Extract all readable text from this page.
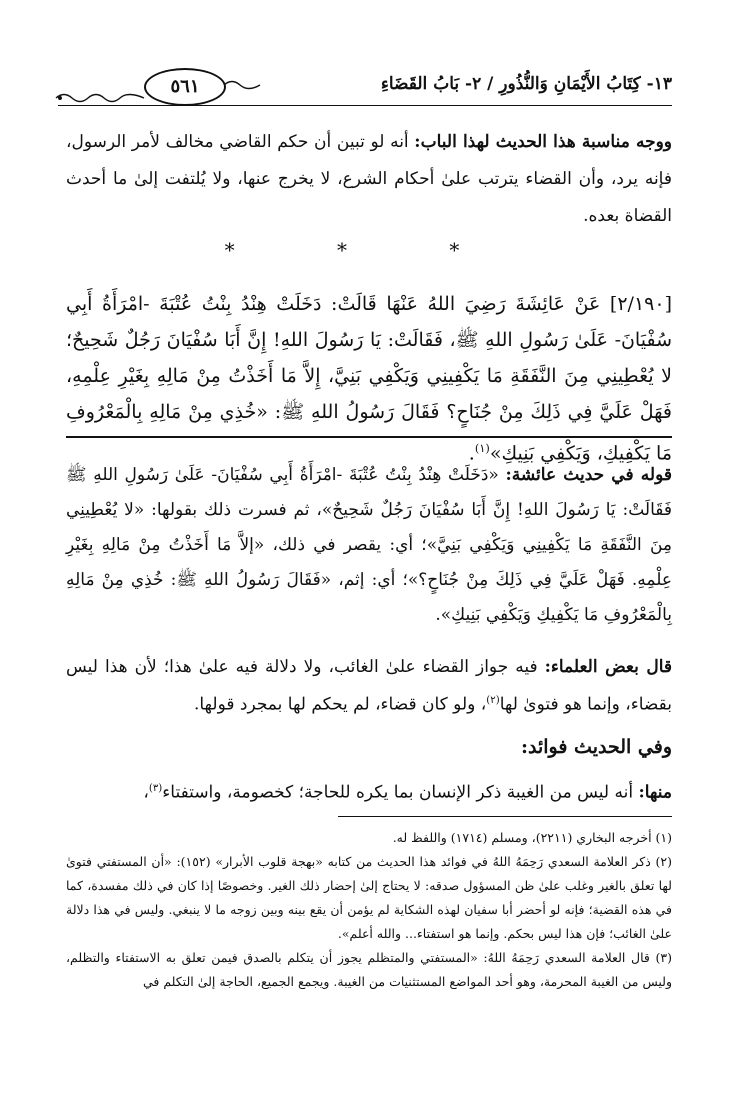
٥٦١	١٣- كِتَابُ الأَيْمَانِ وَالنُّذُورِ / ٢- بَابُ القَضَاءِ
ووجه مناسبة هذا الحديث لهذا الباب: أنه لو تبين أن حكم القاضي مخالف لأمر الرسول، فإنه يرد، وأن القضاء يترتب علىٰ أحكام الشرع، لا يخرج عنها، ولا يُلتفت إلىٰ ما أحدث القضاة بعده.
* * *
[٢/١٩٠] عَنْ عَائِشَةَ رَضِيَ اللهُ عَنْهَا قَالَتْ: دَخَلَتْ هِنْدُ بِنْتُ عُتْبَةَ -امْرَأَةُ أَبِي سُفْيَانَ- عَلَىٰ رَسُولِ اللهِ ﷺ، فَقَالَتْ: يَا رَسُولَ اللهِ! إِنَّ أَبَا سُفْيَانَ رَجُلٌ شَحِيحٌ؛ لا يُعْطِينِي مِنَ النَّفَقَةِ مَا يَكْفِينِي وَيَكْفِي بَنِيَّ، إِلاَّ مَا أَخَذْتُ مِنْ مَالِهِ بِغَيْرِ عِلْمِهِ، فَهَلْ عَلَيَّ فِي ذَلِكَ مِنْ جُنَاحٍ؟ فَقَالَ رَسُولُ اللهِ ﷺ: «خُذِي مِنْ مَالِهِ بِالْمَعْرُوفِ مَا يَكْفِيكِ، وَيَكْفِي بَنِيكِ»$^{(١)}$.
قوله في حديث عائشة: «دَخَلَتْ هِنْدُ بِنْتُ عُتْبَةَ -امْرَأَةُ أَبِي سُفْيَانَ- عَلَىٰ رَسُولِ اللهِ ﷺ فَقَالَتْ: يَا رَسُولَ اللهِ! إِنَّ أَبَا سُفْيَانَ رَجُلٌ شَحِيحٌ»، ثم فسرت ذلك بقولها: «لا يُعْطِينِي مِنَ النَّفَقَةِ مَا يَكْفِينِي وَيَكْفِي بَنِيَّ»؛ أي: يقصر في ذلك، «إلاَّ مَا أَخَذْتُ مِنْ مَالِهِ بِغَيْرِ عِلْمِهِ. فَهَلْ عَلَيَّ فِي ذَلِكَ مِنْ جُنَاحٍ؟»؛ أي: إثم، «فَقَالَ رَسُولُ اللهِ ﷺ: خُذِي مِنْ مَالِهِ بِالْمَعْرُوفِ مَا يَكْفِيكِ وَيَكْفِي بَنِيكِ».
قال بعض العلماء: فيه جواز القضاء علىٰ الغائب، ولا دلالة فيه علىٰ هذا؛ لأن هذا ليس بقضاء، وإنما هو فتوىٰ لها$^{(٢)}$، ولو كان قضاء، لم يحكم لها بمجرد قولها.
وفي الحديث فوائد:
منها: أنه ليس من الغيبة ذكر الإنسان بما يكره للحاجة؛ كخصومة، واستفتاء$^{(٣)}$،

(١) أخرجه البخاري (٢٢١١)، ومسلم (١٧١٤) واللفظ له.

(٢) ذكر العلامة السعدي رَحِمَهُ اللهُ في فوائد هذا الحديث من كتابه «بهجة قلوب الأبرار» (١٥٢): «أن المستفتي فتوىٰ لها تعلق بالغير وغلب علىٰ ظن المسؤول صدقه: لا يحتاج إلىٰ إحضار ذلك الغير. وخصوصًا إذا كان في ذلك مفسدة، كما في هذه القضية؛ فإنه لو أحضر أبا سفيان لهذه الشكاية لم يؤمن أن يقع بينه وبين زوجه ما لا ينبغي. وليس في هذا دلالة علىٰ الغائب؛ فإن هذا ليس بحكم. وإنما هو استفتاء... والله أعلم».

(٣) قال العلامة السعدي رَحِمَهُ اللهُ: «المستفتي والمتظلم يجوز أن يتكلم بالصدق فيمن تعلق به الاستفتاء والتظلم، وليس من الغيبة المحرمة، وهو أحد المواضع المستثنيات من الغيبة. ويجمع الجميع، الحاجة إلىٰ التكلم في
